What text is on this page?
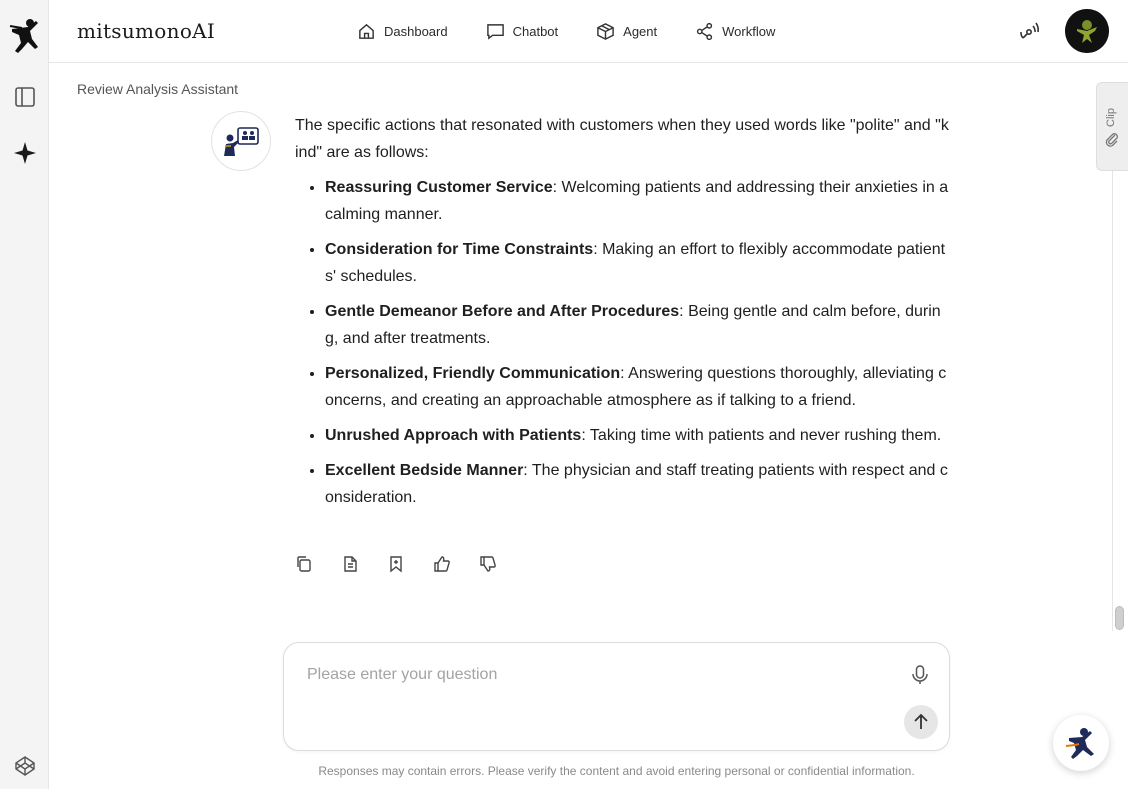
mitsumonoAI	Dashboard	Chatbot	Agent	Workflow
Review Analysis Assistant

The specific actions that resonated with customers when they used words like "polite" and "kind" are as follows:

• Reassuring Customer Service: Welcoming patients and addressing their anxieties in a calming manner.
• Consideration for Time Constraints: Making an effort to flexibly accommodate patients' schedules.
• Gentle Demeanor Before and After Procedures: Being gentle and calm before, during, and after treatments.
• Personalized, Friendly Communication: Answering questions thoroughly, alleviating concerns, and creating an approachable atmosphere as if talking to a friend.
• Unrushed Approach with Patients: Taking time with patients and never rushing them.
• Excellent Bedside Manner: The physician and staff treating patients with respect and consideration.
Clip
Please enter your question
Responses may contain errors. Please verify the content and avoid entering personal or confidential information.
